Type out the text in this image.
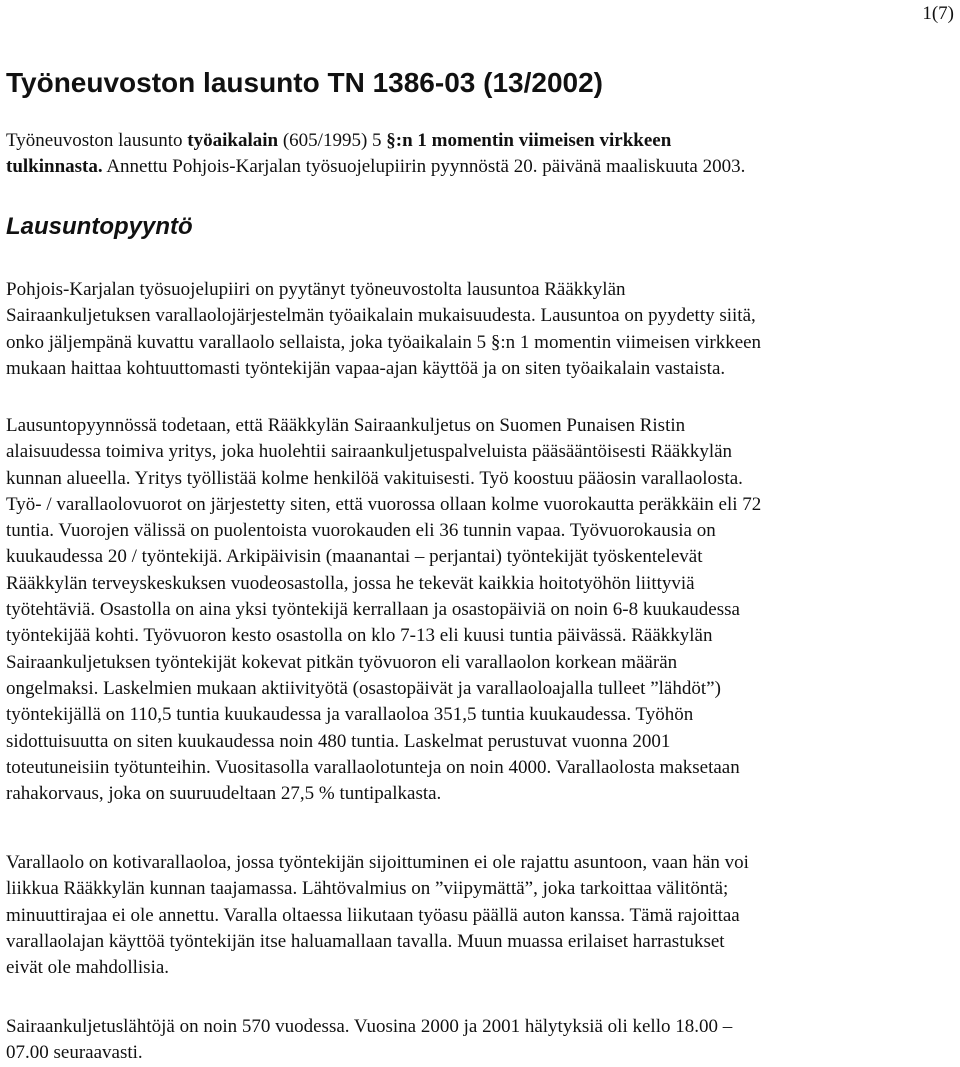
1(7)
Työneuvoston lausunto TN 1386-03 (13/2002)
Työneuvoston lausunto työaikalain (605/1995) 5 §:n 1 momentin viimeisen virkkeen
tulkinnasta. Annettu Pohjois-Karjalan työsuojelupiirin pyynnöstä 20. päivänä maaliskuuta 2003.
Lausuntopyyntö
Pohjois-Karjalan työsuojelupiiri on pyytänyt työneuvostolta lausuntoa Rääkkylän
Sairaankuljetuksen varallaolojärjestelmän työaikalain mukaisuudesta. Lausuntoa on pyydetty siitä,
onko jäljempänä kuvattu varallaolo sellaista, joka työaikalain 5 §:n 1 momentin viimeisen virkkeen
mukaan haittaa kohtuuttomasti työntekijän vapaa-ajan käyttöä ja on siten työaikalain vastaista.
Lausuntopyynnössä todetaan, että Rääkkylän Sairaankuljetus on Suomen Punaisen Ristin
alaisuudessa toimiva yritys, joka huolehtii sairaankuljetuspalveluista pääsääntöisesti Rääkkylän
kunnan alueella. Yritys työllistää kolme henkilöä vakituisesti. Työ koostuu pääosin varallaolosta.
Työ- / varallaolovuorot on järjestetty siten, että vuorossa ollaan kolme vuorokautta peräkkäin eli 72
tuntia. Vuorojen välissä on puolentoista vuorokauden eli 36 tunnin vapaa. Työvuorokausia on
kuukaudessa 20 / työntekijä. Arkipäivisin (maanantai – perjantai) työntekijät työskentelevät
Rääkkylän terveyskeskuksen vuodeosastolla, jossa he tekevät kaikkia hoitotyöhön liittyviä
työtehtäviä. Osastolla on aina yksi työntekijä kerrallaan ja osastopäiviä on noin 6-8 kuukaudessa
työntekijää kohti. Työvuoron kesto osastolla on klo 7-13 eli kuusi tuntia päivässä. Rääkkylän
Sairaankuljetuksen työntekijät kokevat pitkän työvuoron eli varallaolon korkean määrän
ongelmaksi. Laskelmien mukaan aktiivityötä (osastopäivät ja varallaoloajalla tulleet ”lähdöt”)
työntekijällä on 110,5 tuntia kuukaudessa ja varallaoloa 351,5 tuntia kuukaudessa. Työhön
sidottuisuutta on siten kuukaudessa noin 480 tuntia. Laskelmat perustuvat vuonna 2001
toteutuneisiin työtunteihin. Vuositasolla varallaolotunteja on noin 4000. Varallaolosta maksetaan
rahakorvaus, joka on suuruudeltaan 27,5 % tuntipalkasta.
Varallaolo on kotivarallaoloa, jossa työntekijän sijoittuminen ei ole rajattu asuntoon, vaan hän voi
liikkua Rääkkylän kunnan taajamassa. Lähtövalmius on ”viipymättä”, joka tarkoittaa välitöntä;
minuuttirajaa ei ole annettu. Varalla oltaessa liikutaan työasu päällä auton kanssa. Tämä rajoittaa
varallaolajan käyttöä työntekijän itse haluamallaan tavalla. Muun muassa erilaiset harrastukset
eivät ole mahdollisia.
Sairaankuljetuslähtöjä on noin 570 vuodessa. Vuosina 2000 ja 2001 hälytyksiä oli kello 18.00 –
07.00 seuraavasti.
